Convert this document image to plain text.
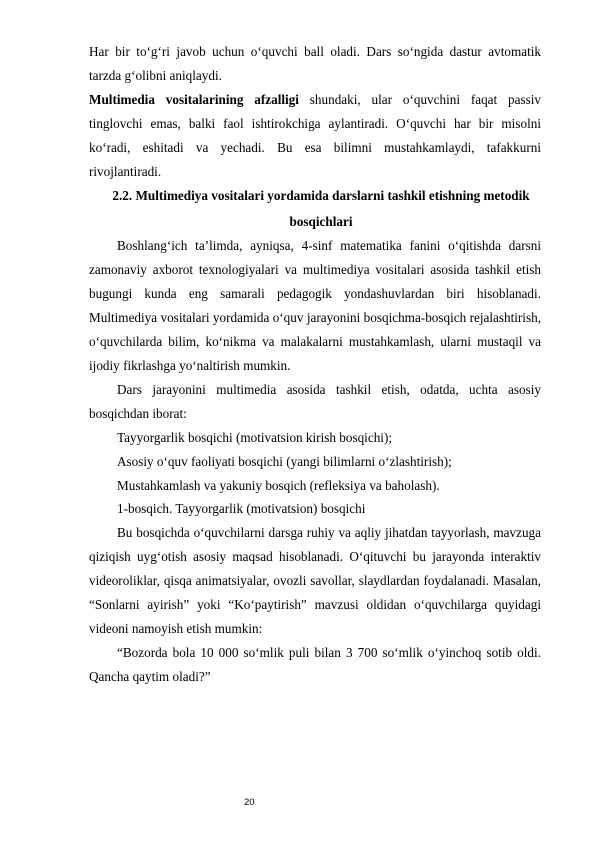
Har bir to‘g‘ri javob uchun o‘quvchi ball oladi. Dars so‘ngida dastur avtomatik tarzda g‘olibni aniqlaydi.

Multimedia vositalarining afzalligi shundaki, ular o‘quvchini faqat passiv tinglovchi emas, balki faol ishtirokchiga aylantiradi. O‘quvchi har bir misolni ko‘radi, eshitadi va yechadi. Bu esa bilimni mustahkamlaydi, tafakkurni rivojlantiradi.

2.2. Multimediya vositalari yordamida darslarni tashkil etishning metodik bosqichlari

Boshlang‘ich ta’limda, ayniqsa, 4-sinf matematika fanini o‘qitishda darsni zamonaviy axborot texnologiyalari va multimediya vositalari asosida tashkil etish bugungi kunda eng samarali pedagogik yondashuvlardan biri hisoblanadi. Multimediya vositalari yordamida o‘quv jarayonini bosqichma-bosqich rejalashtirish, o‘quvchilarda bilim, ko‘nikma va malakalarni mustahkamlash, ularni mustaqil va ijodiy fikrlashga yo‘naltirish mumkin.

Dars jarayonini multimedia asosida tashkil etish, odatda, uchta asosiy bosqichdan iborat:

Tayyorgarlik bosqichi (motivatsion kirish bosqichi);

Asosiy o‘quv faoliyati bosqichi (yangi bilimlarni o‘zlashtirish);

Mustahkamlash va yakuniy bosqich (refleksiya va baholash).

1-bosqich. Tayyorgarlik (motivatsion) bosqichi

Bu bosqichda o‘quvchilarni darsga ruhiy va aqliy jihatdan tayyorlash, mavzuga qiziqish uyg‘otish asosiy maqsad hisoblanadi. O‘qituvchi bu jarayonda interaktiv videoroliklar, qisqa animatsiyalar, ovozli savollar, slaydlardan foydalanadi. Masalan, “Sonlarni ayirish” yoki “Ko‘paytirish” mavzusi oldidan o‘quvchilarga quyidagi videoni namoyish etish mumkin:

“Bozorda bola 10 000 so‘mlik puli bilan 3 700 so‘mlik o‘yinchoq sotib oldi. Qancha qaytim oladi?”

20
